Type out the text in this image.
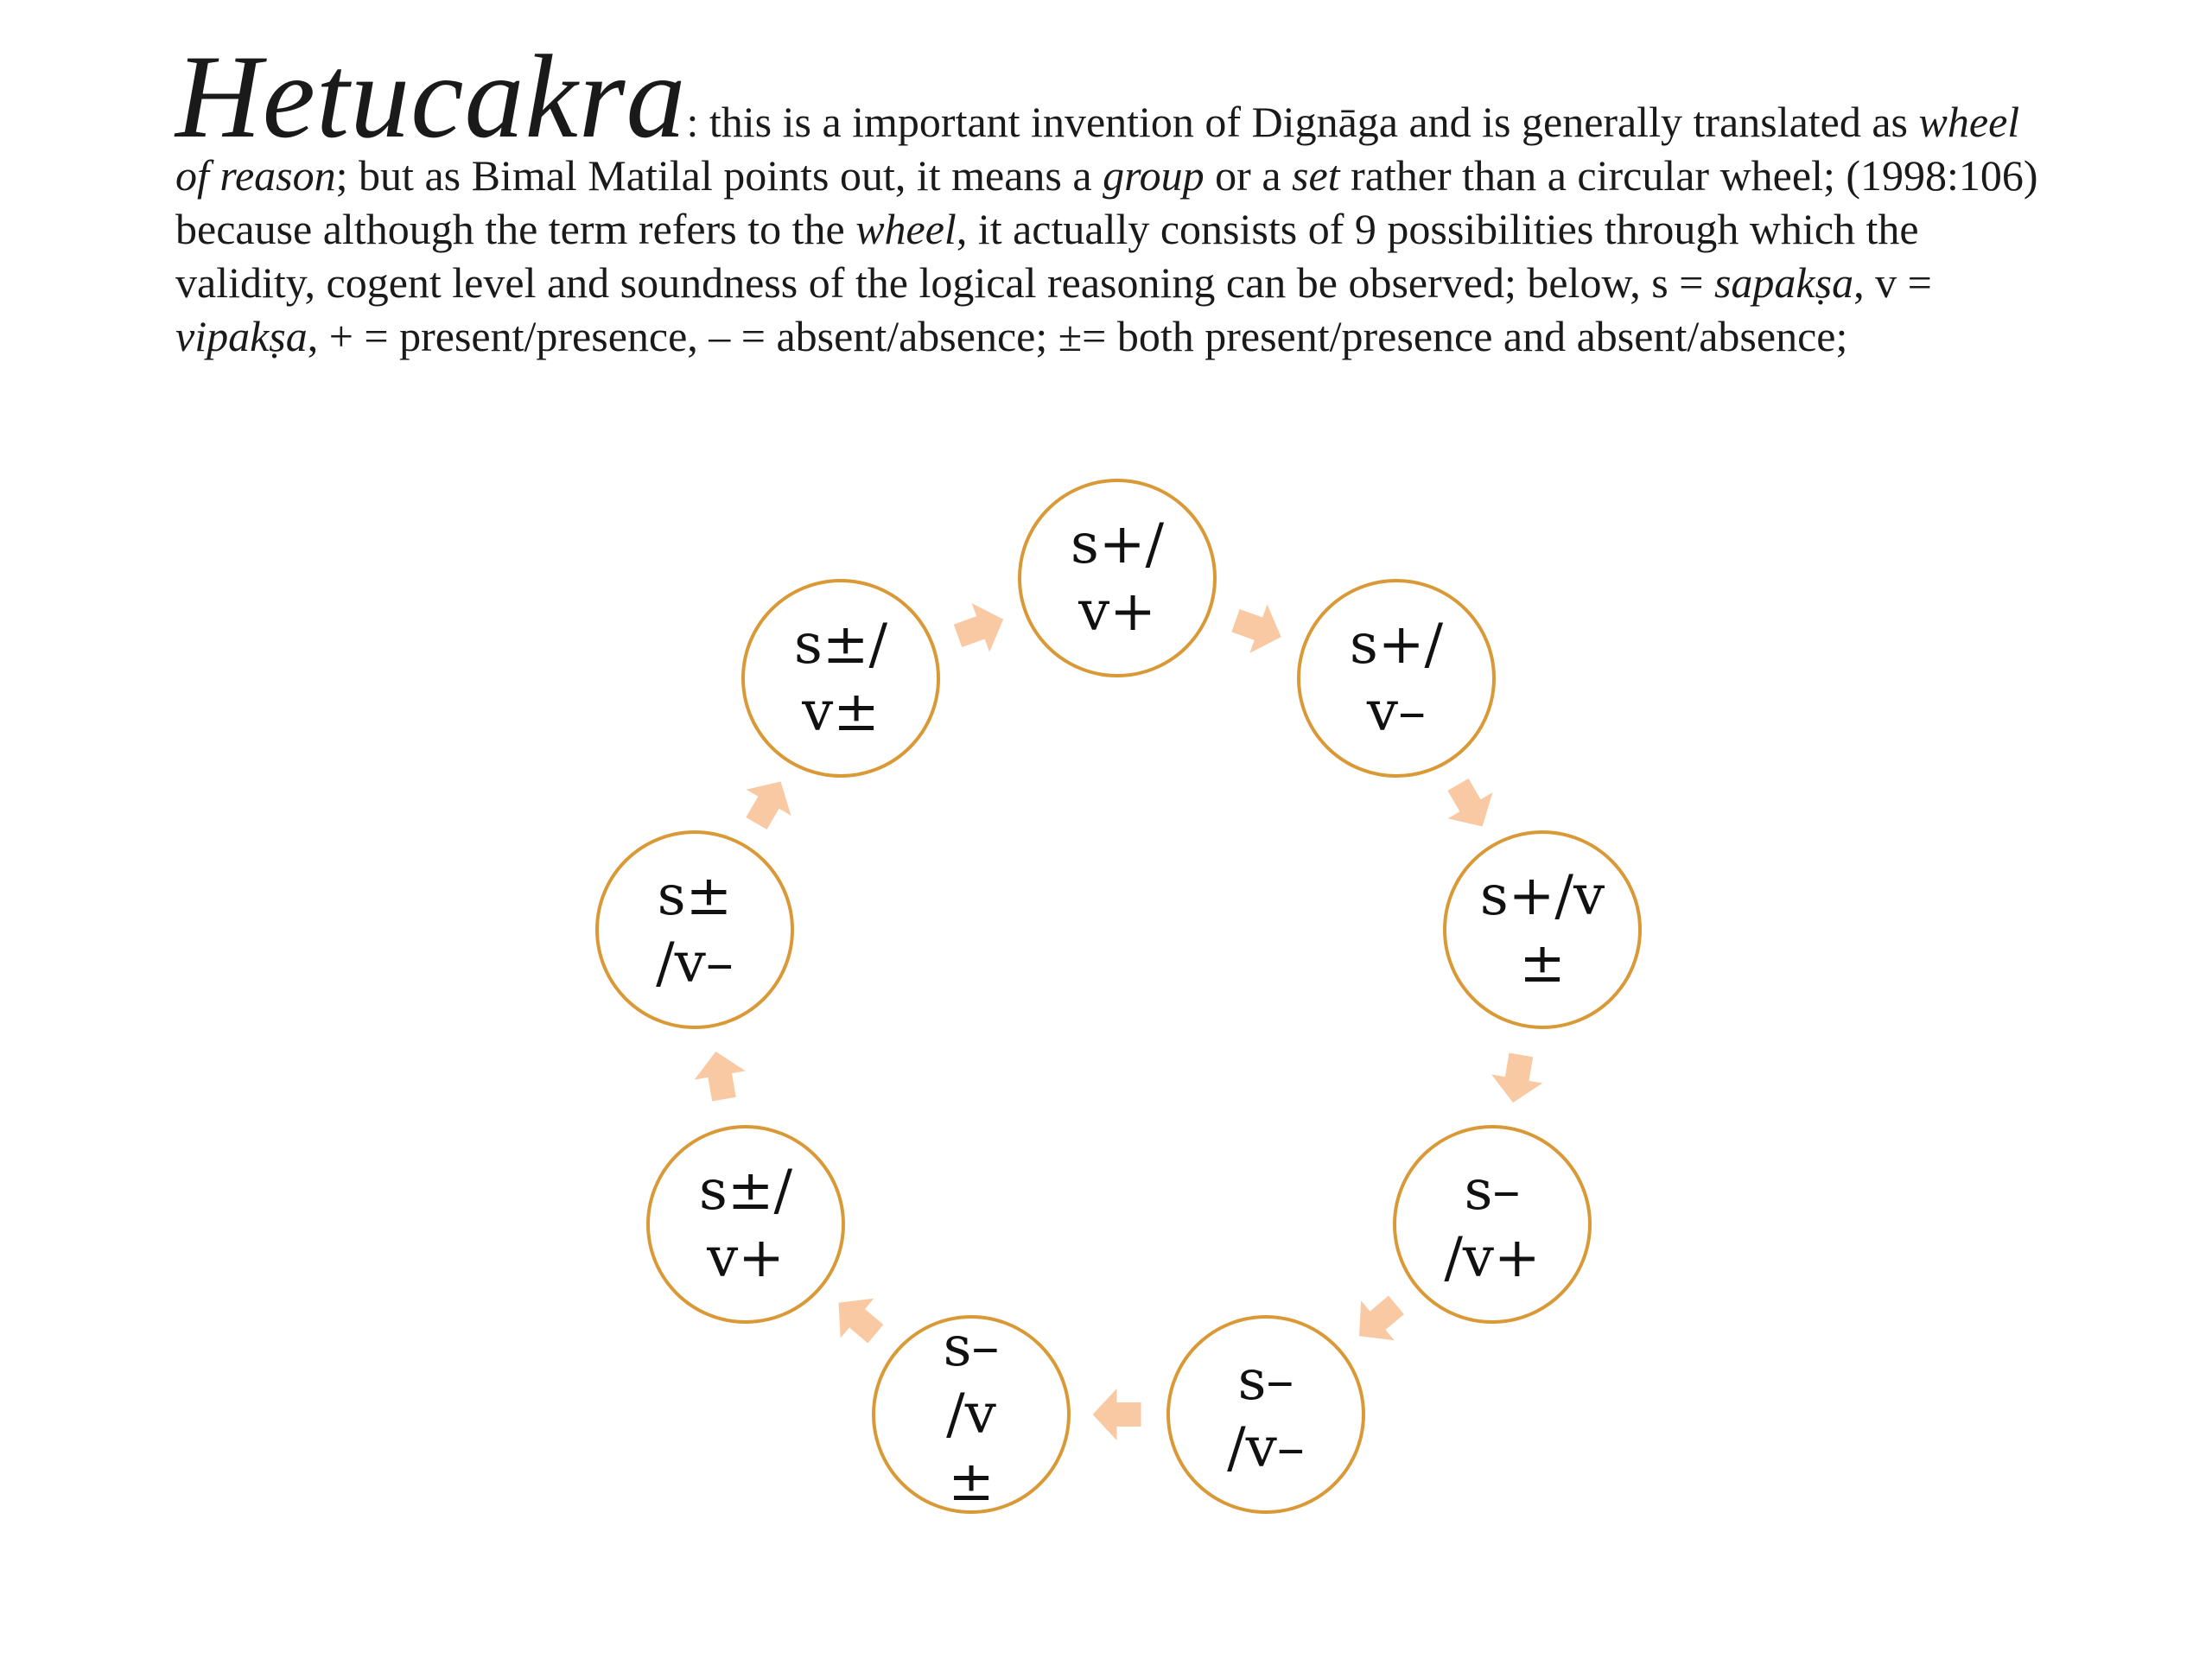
Hetucakra: this is a important invention of Dignāga and is generally translated as wheel of reason; but as Bimal Matilal points out, it means a group or a set rather than a circular wheel; (1998:106) because although the term refers to the wheel, it actually consists of 9 possibilities through which the validity, cogent level and soundness of the logical reasoning can be observed; below, s = sapakṣa, v = vipakṣa, + = present/presence, – = absent/absence; ±= both present/presence and absent/absence;

s+/
v+
s+/
v–
s+/v
±
s–
/v+
s–
/v–
s–
/v
±
s±/
v+
s±
/v–
s±/
v±
